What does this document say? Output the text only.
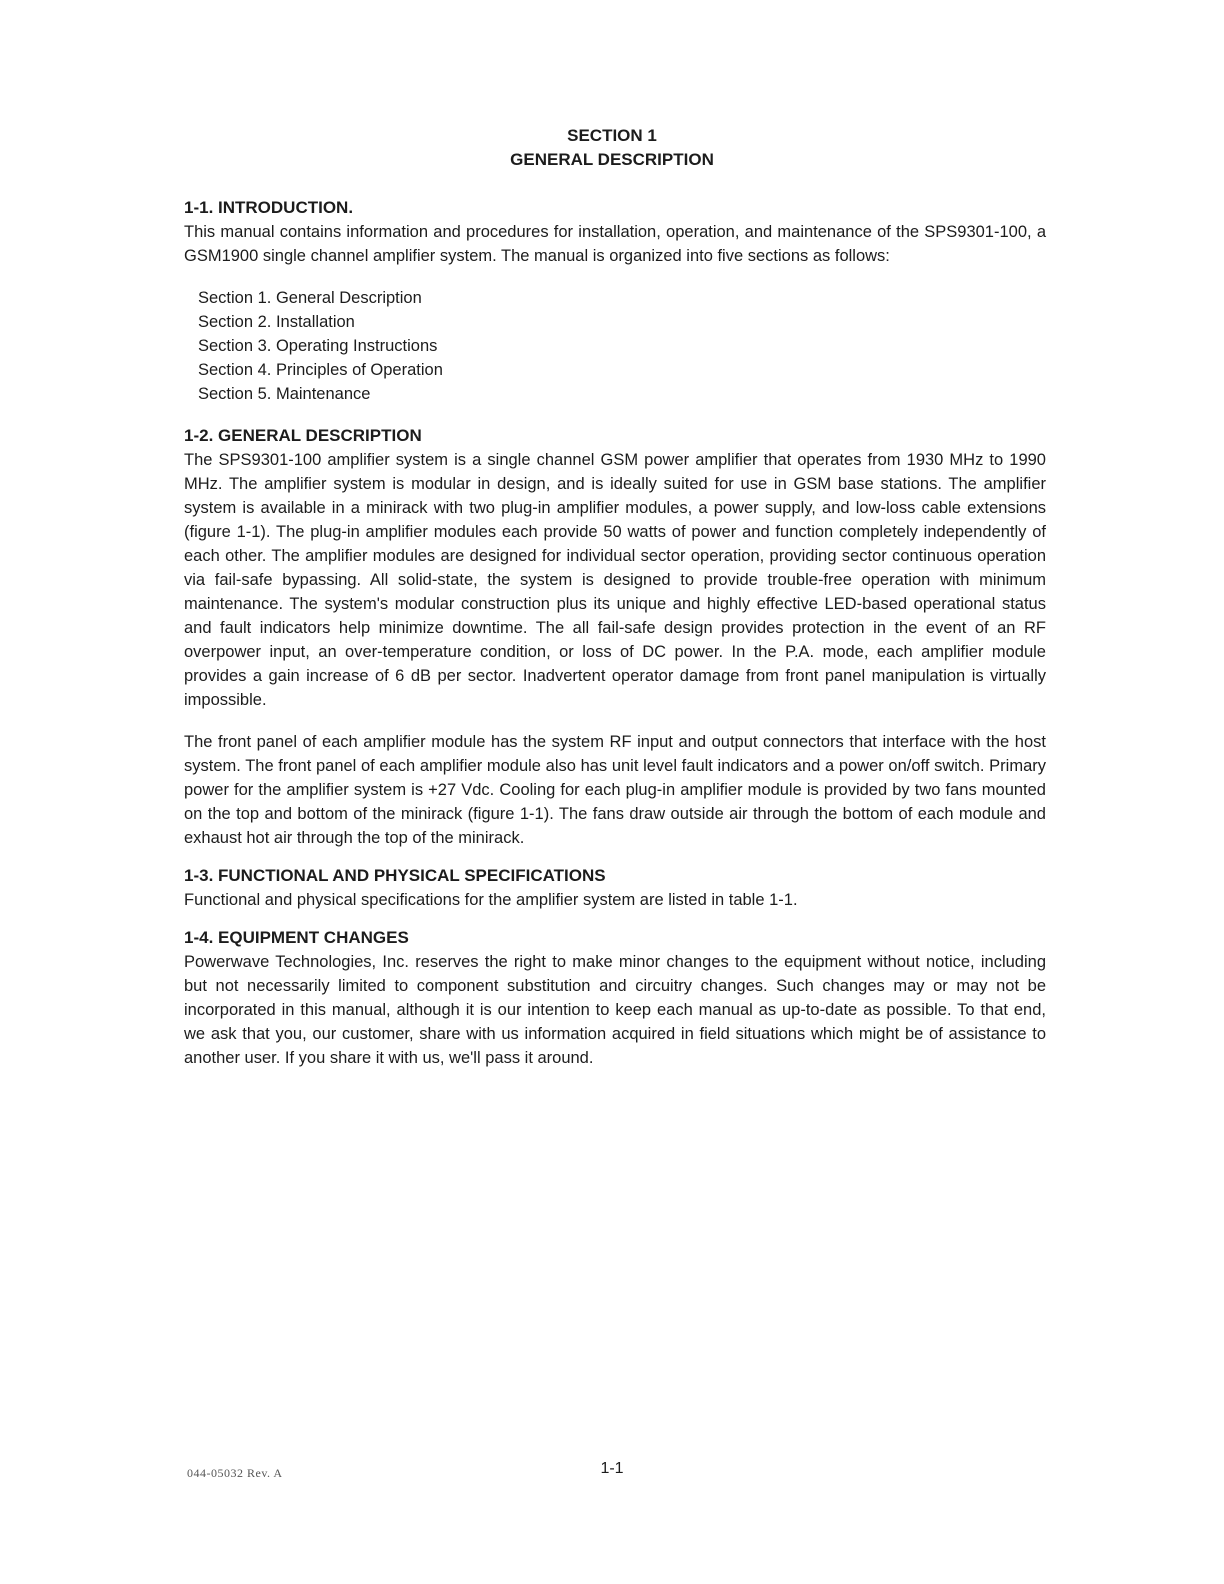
SECTION 1
GENERAL DESCRIPTION

1-1. INTRODUCTION.

This manual contains information and procedures for installation, operation, and maintenance of the SPS9301-100, a GSM1900 single channel amplifier system. The manual is organized into five sections as follows:

Section 1. General Description
Section 2. Installation
Section 3. Operating Instructions
Section 4. Principles of Operation
Section 5. Maintenance

1-2. GENERAL DESCRIPTION

The SPS9301-100 amplifier system is a single channel GSM power amplifier that operates from 1930 MHz to 1990 MHz. The amplifier system is modular in design, and is ideally suited for use in GSM base stations. The amplifier system is available in a minirack with two plug-in amplifier modules, a power supply, and low-loss cable extensions (figure 1-1). The plug-in amplifier modules each provide 50 watts of power and function completely independently of each other. The amplifier modules are designed for individual sector operation, providing sector continuous operation via fail-safe bypassing. All solid-state, the system is designed to provide trouble-free operation with minimum maintenance. The system's modular construction plus its unique and highly effective LED-based operational status and fault indicators help minimize downtime. The all fail-safe design provides protection in the event of an RF overpower input, an over-temperature condition, or loss of DC power. In the P.A. mode, each amplifier module provides a gain increase of 6 dB per sector. Inadvertent operator damage from front panel manipulation is virtually impossible.

The front panel of each amplifier module has the system RF input and output connectors that interface with the host system. The front panel of each amplifier module also has unit level fault indicators and a power on/off switch. Primary power for the amplifier system is +27 Vdc. Cooling for each plug-in amplifier module is provided by two fans mounted on the top and bottom of the minirack (figure 1-1). The fans draw outside air through the bottom of each module and exhaust hot air through the top of the minirack.

1-3. FUNCTIONAL AND PHYSICAL SPECIFICATIONS

Functional and physical specifications for the amplifier system are listed in table 1-1.

1-4. EQUIPMENT CHANGES

Powerwave Technologies, Inc. reserves the right to make minor changes to the equipment without notice, including but not necessarily limited to component substitution and circuitry changes. Such changes may or may not be incorporated in this manual, although it is our intention to keep each manual as up-to-date as possible. To that end, we ask that you, our customer, share with us information acquired in field situations which might be of assistance to another user. If you share it with us, we'll pass it around.

044-05032 Rev. A	1-1
